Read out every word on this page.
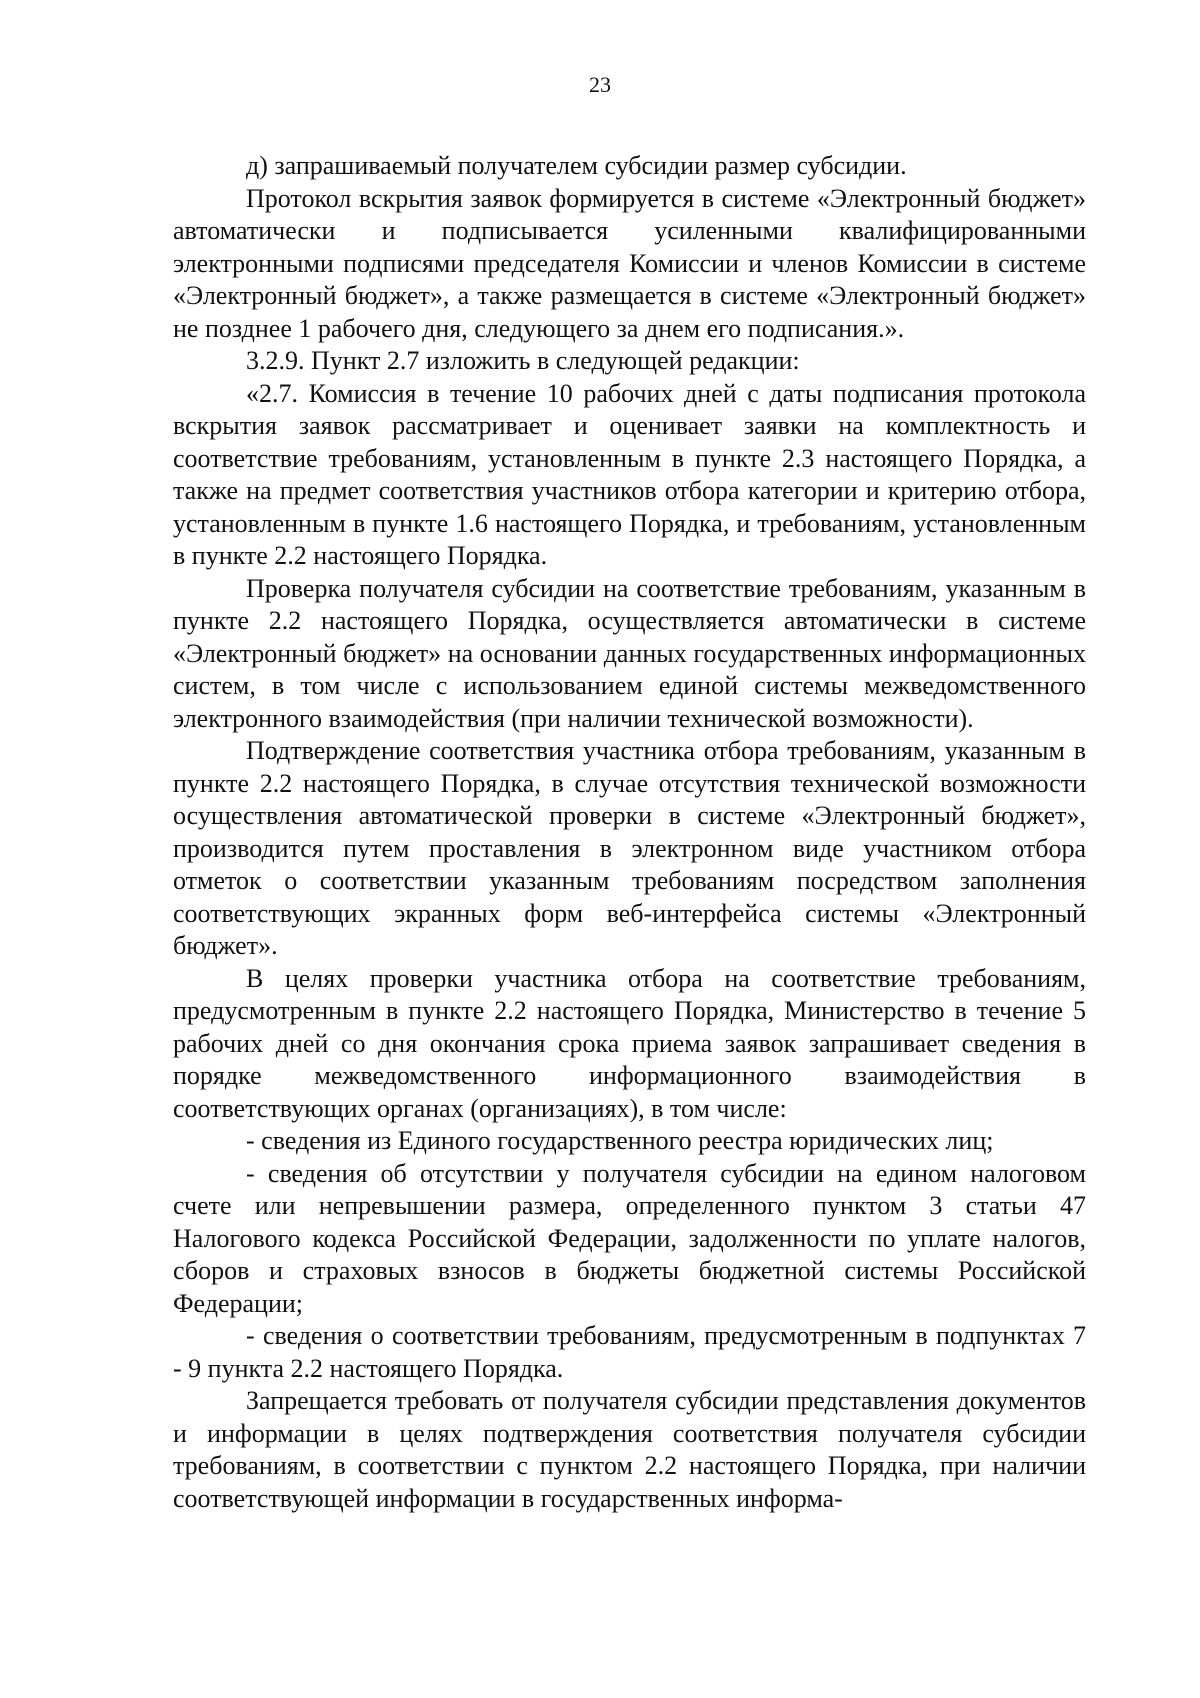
23

д) запрашиваемый получателем субсидии размер субсидии.

Протокол вскрытия заявок формируется в системе «Электронный бюджет» автоматически и подписывается усиленными квалифицированными электронными подписями председателя Комиссии и членов Комиссии в системе «Электронный бюджет», а также размещается в системе «Электронный бюджет» не позднее 1 рабочего дня, следующего за днем его подписания.».

3.2.9. Пункт 2.7 изложить в следующей редакции:

«2.7. Комиссия в течение 10 рабочих дней с даты подписания протокола вскрытия заявок рассматривает и оценивает заявки на комплектность и соответствие требованиям, установленным в пункте 2.3 настоящего Порядка, а также на предмет соответствия участников отбора категории и критерию отбора, установленным в пункте 1.6 настоящего Порядка, и требованиям, установленным в пункте 2.2 настоящего Порядка.

Проверка получателя субсидии на соответствие требованиям, указанным в пункте 2.2 настоящего Порядка, осуществляется автоматически в системе «Электронный бюджет» на основании данных государственных информационных систем, в том числе с использованием единой системы межведомственного электронного взаимодействия (при наличии технической возможности).

Подтверждение соответствия участника отбора требованиям, указанным в пункте 2.2 настоящего Порядка, в случае отсутствия технической возможности осуществления автоматической проверки в системе «Электронный бюджет», производится путем проставления в электронном виде участником отбора отметок о соответствии указанным требованиям посредством заполнения соответствующих экранных форм веб-интерфейса системы «Электронный бюджет».

В целях проверки участника отбора на соответствие требованиям, предусмотренным в пункте 2.2 настоящего Порядка, Министерство в течение 5 рабочих дней со дня окончания срока приема заявок запрашивает сведения в порядке межведомственного информационного взаимодействия в соответствующих органах (организациях), в том числе:

- сведения из Единого государственного реестра юридических лиц;

- сведения об отсутствии у получателя субсидии на едином налоговом счете или непревышении размера, определенного пунктом 3 статьи 47 Налогового кодекса Российской Федерации, задолженности по уплате налогов, сборов и страховых взносов в бюджеты бюджетной системы Российской Федерации;

- сведения о соответствии требованиям, предусмотренным в подпунктах 7 - 9 пункта 2.2 настоящего Порядка.

Запрещается требовать от получателя субсидии представления документов и информации в целях подтверждения соответствия получателя субсидии требованиям, в соответствии с пунктом 2.2 настоящего Порядка, при наличии соответствующей информации в государственных информа-
